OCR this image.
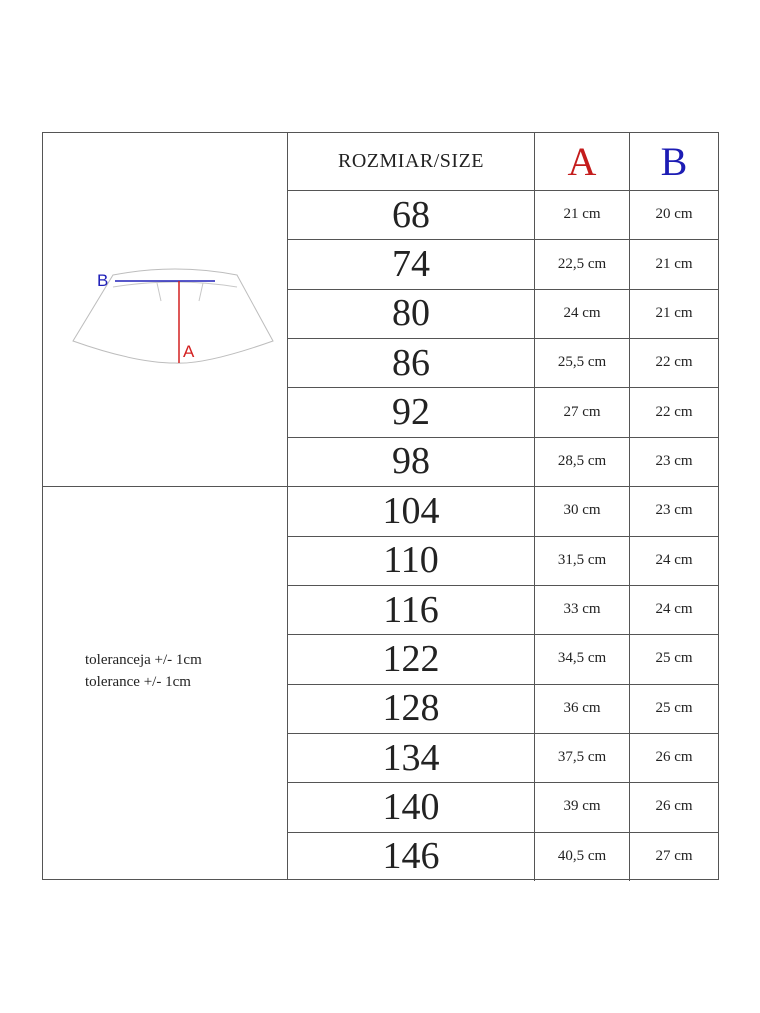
B
A
toleranceja +/- 1cm
tolerance +/- 1cm
ROZMIAR/SIZE	A	B
68	21 cm	20 cm
74	22,5 cm	21 cm
80	24 cm	21 cm
86	25,5 cm	22 cm
92	27 cm	22 cm
98	28,5 cm	23 cm
104	30 cm	23 cm
110	31,5 cm	24 cm
116	33 cm	24 cm
122	34,5 cm	25 cm
128	36 cm	25 cm
134	37,5 cm	26 cm
140	39 cm	26 cm
146	40,5 cm	27 cm
